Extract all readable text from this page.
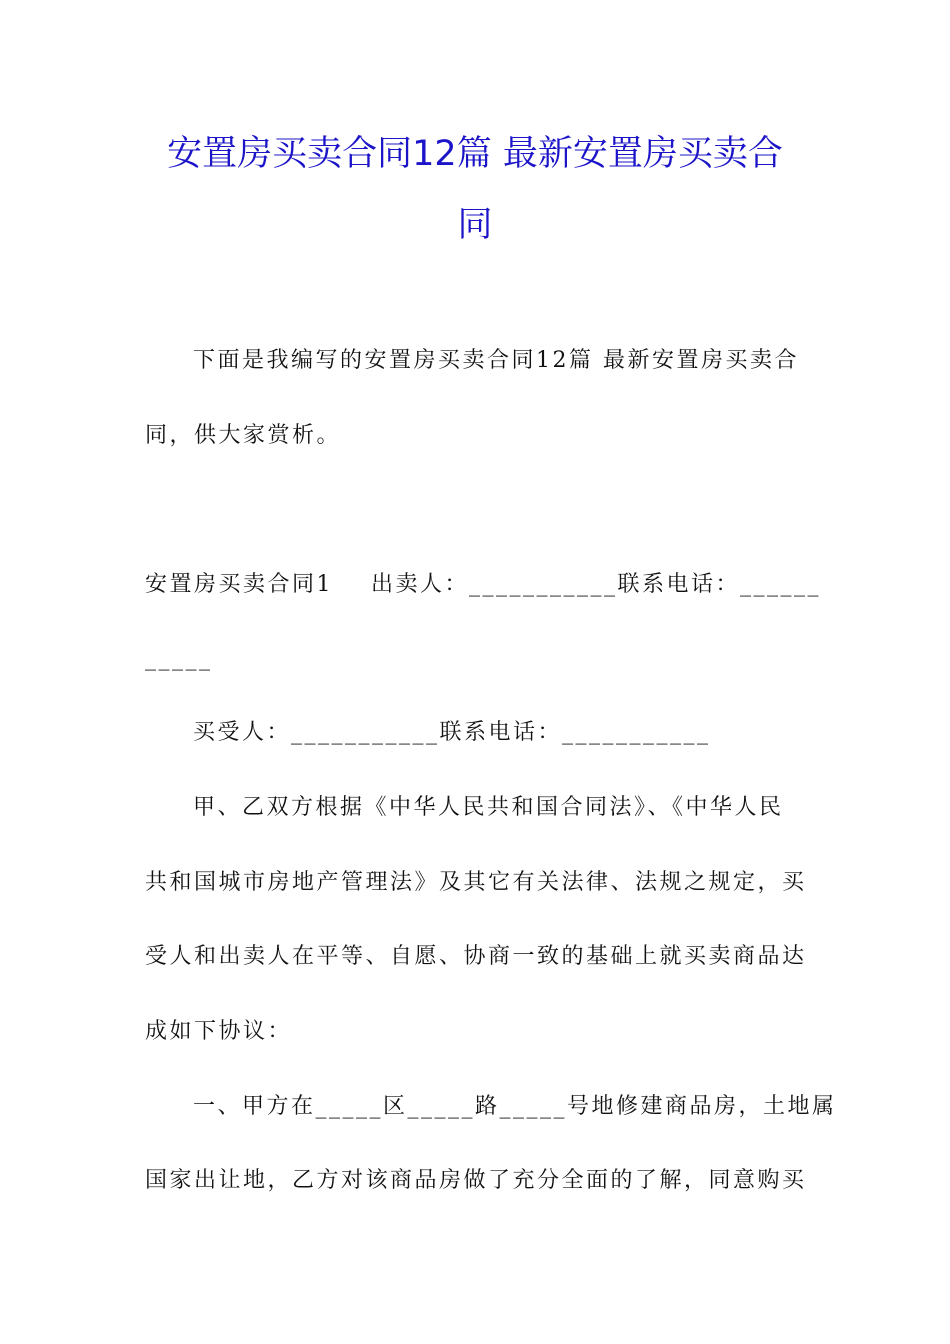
安置房买卖合同12篇 最新安置房买卖合
同
下面是我编写的安置房买卖合同12篇 最新安置房买卖合
同，供大家赏析。
安置房买卖合同1    出卖人：___________联系电话：______
_____
买受人：___________联系电话：___________
甲、乙双方根据《中华人民共和国合同法》、《中华人民
共和国城市房地产管理法》及其它有关法律、法规之规定，买
受人和出卖人在平等、自愿、协商一致的基础上就买卖商品达
成如下协议：
一、甲方在_____区_____路_____号地修建商品房，土地属
国家出让地，乙方对该商品房做了充分全面的了解，同意购买
